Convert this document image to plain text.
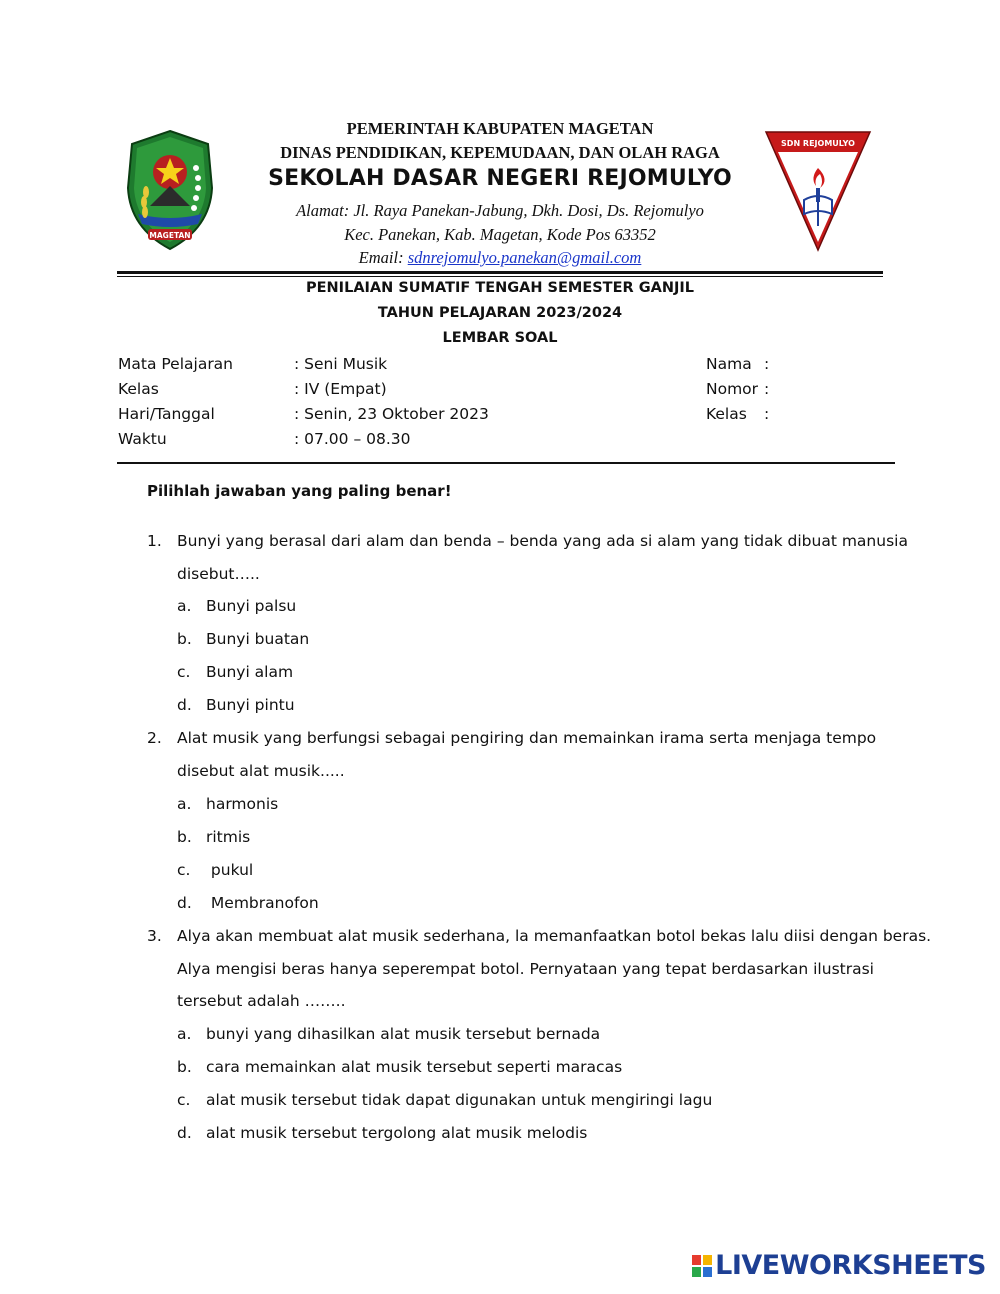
MAGETAN
SDN REJOMULYO
PEMERINTAH KABUPATEN MAGETAN
DINAS PENDIDIKAN, KEPEMUDAAN, DAN OLAH RAGA
SEKOLAH DASAR NEGERI REJOMULYO
Alamat: Jl. Raya Panekan-Jabung, Dkh. Dosi, Ds. Rejomulyo
Kec. Panekan, Kab. Magetan, Kode Pos 63352
Email: sdnrejomulyo.panekan@gmail.com
PENILAIAN SUMATIF TENGAH SEMESTER GANJIL
TAHUN PELAJARAN 2023/2024
LEMBAR SOAL
Mata Pelajaran	: Seni Musik
Kelas	: IV (Empat)
Hari/Tanggal	: Senin, 23 Oktober 2023
Waktu	: 07.00 – 08.30
Nama :
Nomor :
Kelas :
Pilihlah jawaban yang paling benar!
1. Bunyi yang berasal dari alam dan benda – benda yang ada si alam yang tidak dibuat manusia
disebut…..
a. Bunyi palsu
b. Bunyi buatan
c. Bunyi alam
d. Bunyi pintu
2. Alat musik yang berfungsi sebagai pengiring dan memainkan irama serta menjaga tempo
disebut alat musik.....
a. harmonis
b. ritmis
c. pukul
d. Membranofon
3. Alya akan membuat alat musik sederhana, la memanfaatkan botol bekas lalu diisi dengan beras.
Alya mengisi beras hanya seperempat botol. Pernyataan yang tepat berdasarkan ilustrasi
tersebut adalah ……..
a. bunyi yang dihasilkan alat musik tersebut bernada
b. cara memainkan alat musik tersebut seperti maracas
c. alat musik tersebut tidak dapat digunakan untuk mengiringi lagu
d. alat musik tersebut tergolong alat musik melodis
LIVEWORKSHEETS
